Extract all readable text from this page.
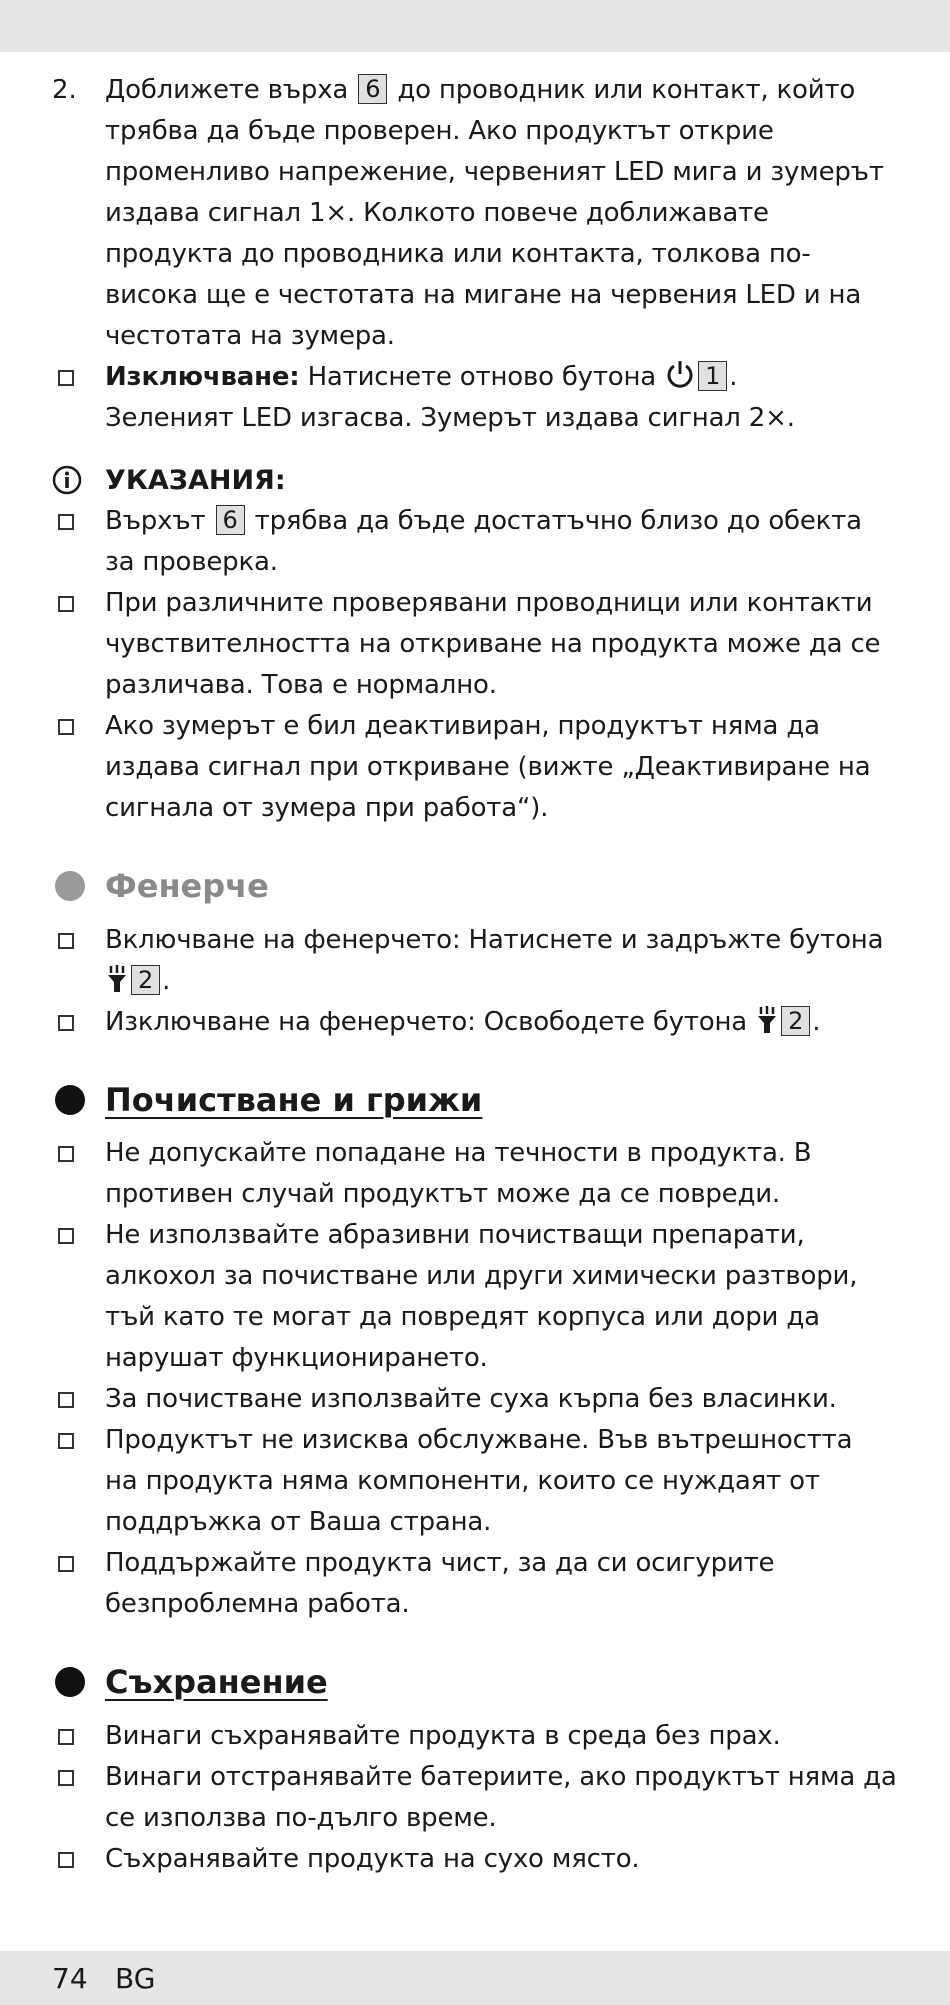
2. Доближете върха 6 до проводник или контакт, който
трябва да бъде проверен. Ако продуктът открие
променливо напрежение, червеният LED мига и зумерът
издава сигнал 1×. Колкото повече доближавате
продукта до проводника или контакта, толкова по-
висока ще е честотата на мигане на червения LED и на
честотата на зумера.
Изключване: Натиснете отново бутона 1 .
Зеленият LED изгасва. Зумерът издава сигнал 2×.
УКАЗАНИЯ:
Върхът 6 трябва да бъде достатъчно близо до обекта
за проверка.
При различните проверявани проводници или контакти
чувствителността на откриване на продукта може да се
различава. Това е нормално.
Ако зумерът е бил деактивиран, продуктът няма да
издава сигнал при откриване (вижте „Деактивиране на
сигнала от зумера при работа“).
Фенерче
Включване на фенерчето: Натиснете и задръжте бутона
2 .
Изключване на фенерчето: Освободете бутона 2 .
Почистване и грижи
Не допускайте попадане на течности в продукта. В
противен случай продуктът може да се повреди.
Не използвайте абразивни почистващи препарати,
алкохол за почистване или други химически разтвори,
тъй като те могат да повредят корпуса или дори да
нарушат функционирането.
За почистване използвайте суха кърпа без власинки.
Продуктът не изисква обслужване. Във вътрешността
на продукта няма компоненти, които се нуждаят от
поддръжка от Ваша страна.
Поддържайте продукта чист, за да си осигурите
безпроблемна работа.
Съхранение
Винаги съхранявайте продукта в среда без прах.
Винаги отстранявайте батериите, ако продуктът няма да
се използва по-дълго време.
Съхранявайте продукта на сухо място.
74 BG
